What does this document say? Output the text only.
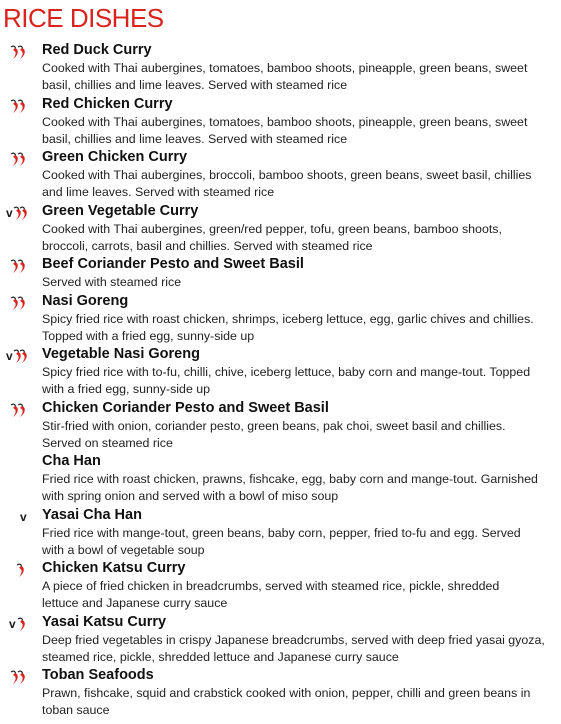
RICE DISHES
Red Duck Curry
Cooked with Thai aubergines, tomatoes, bamboo shoots, pineapple, green beans, sweet
basil, chillies and lime leaves. Served with steamed rice
Red Chicken Curry
Cooked with Thai aubergines, tomatoes, bamboo shoots, pineapple, green beans, sweet
basil, chillies and lime leaves. Served with steamed rice
Green Chicken Curry
Cooked with Thai aubergines, broccoli, bamboo shoots, green beans, sweet basil, chillies
and lime leaves. Served with steamed rice
v Green Vegetable Curry
Cooked with Thai aubergines, green/red pepper, tofu, green beans, bamboo shoots,
broccoli, carrots, basil and chillies. Served with steamed rice
Beef Coriander Pesto and Sweet Basil
Served with steamed rice
Nasi Goreng
Spicy fried rice with roast chicken, shrimps, iceberg lettuce, egg, garlic chives and chillies.
Topped with a fried egg, sunny-side up
v Vegetable Nasi Goreng
Spicy fried rice with to-fu, chilli, chive, iceberg lettuce, baby corn and mange-tout. Topped
with a fried egg, sunny-side up
Chicken Coriander Pesto and Sweet Basil
Stir-fried with onion, coriander pesto, green beans, pak choi, sweet basil and chillies.
Served on steamed rice
Cha Han
Fried rice with roast chicken, prawns, fishcake, egg, baby corn and mange-tout. Garnished
with spring onion and served with a bowl of miso soup
v Yasai Cha Han
Fried rice with mange-tout, green beans, baby corn, pepper, fried to-fu and egg. Served
with a bowl of vegetable soup
Chicken Katsu Curry
A piece of fried chicken in breadcrumbs, served with steamed rice, pickle, shredded
lettuce and Japanese curry sauce
v Yasai Katsu Curry
Deep fried vegetables in crispy Japanese breadcrumbs, served with deep fried yasai gyoza,
steamed rice, pickle, shredded lettuce and Japanese curry sauce
Toban Seafoods
Prawn, fishcake, squid and crabstick cooked with onion, pepper, chilli and green beans in
toban sauce
